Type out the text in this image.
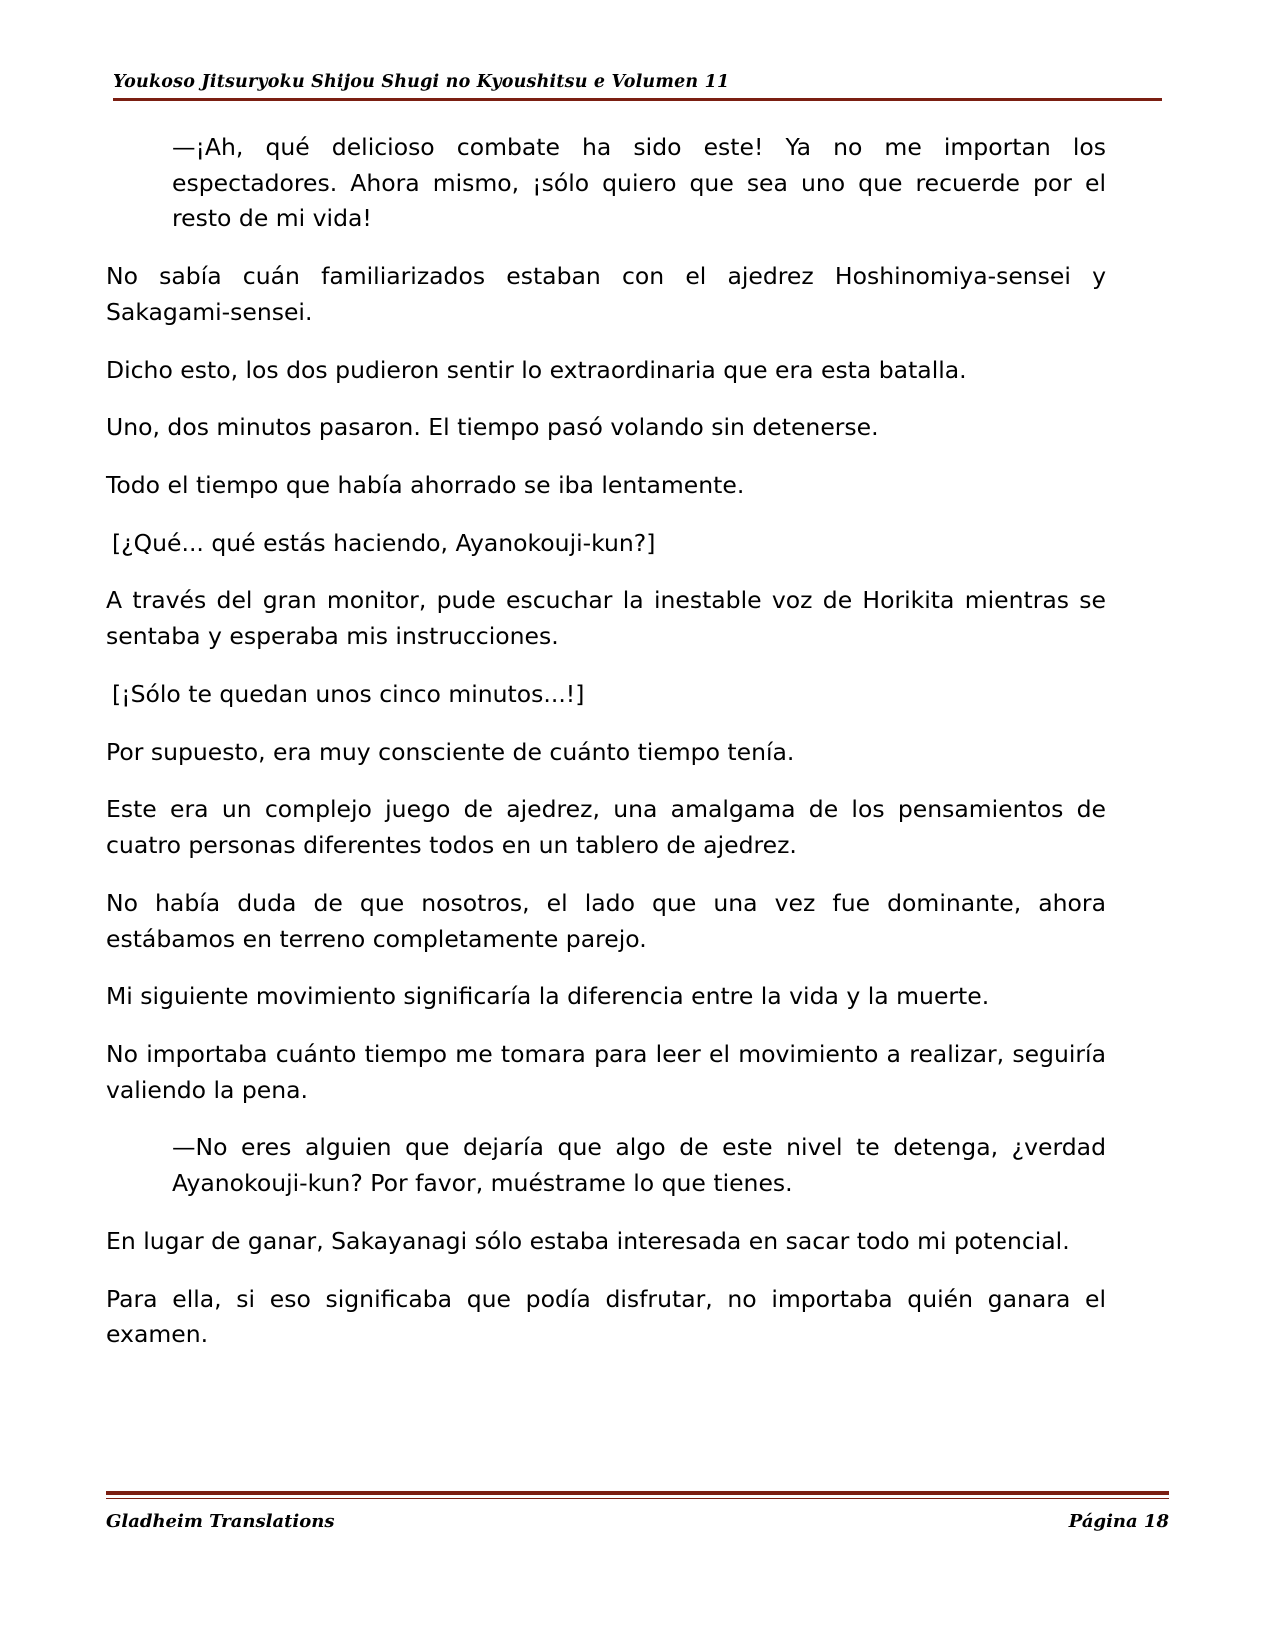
Youkoso Jitsuryoku Shijou Shugi no Kyoushitsu e Volumen 11

—¡Ah, qué delicioso combate ha sido este! Ya no me importan los espectadores. Ahora mismo, ¡sólo quiero que sea uno que recuerde por el resto de mi vida!

No sabía cuán familiarizados estaban con el ajedrez Hoshinomiya-sensei y Sakagami-sensei.

Dicho esto, los dos pudieron sentir lo extraordinaria que era esta batalla.

Uno, dos minutos pasaron. El tiempo pasó volando sin detenerse.

Todo el tiempo que había ahorrado se iba lentamente.

[¿Qué... qué estás haciendo, Ayanokouji-kun?]

A través del gran monitor, pude escuchar la inestable voz de Horikita mientras se sentaba y esperaba mis instrucciones.

[¡Sólo te quedan unos cinco minutos...!]

Por supuesto, era muy consciente de cuánto tiempo tenía.

Este era un complejo juego de ajedrez, una amalgama de los pensamientos de cuatro personas diferentes todos en un tablero de ajedrez.

No había duda de que nosotros, el lado que una vez fue dominante, ahora estábamos en terreno completamente parejo.

Mi siguiente movimiento significaría la diferencia entre la vida y la muerte.

No importaba cuánto tiempo me tomara para leer el movimiento a realizar, seguiría valiendo la pena.

—No eres alguien que dejaría que algo de este nivel te detenga, ¿verdad Ayanokouji-kun? Por favor, muéstrame lo que tienes.

En lugar de ganar, Sakayanagi sólo estaba interesada en sacar todo mi potencial.

Para ella, si eso significaba que podía disfrutar, no importaba quién ganara el examen.

Gladheim Translations	Página 18
